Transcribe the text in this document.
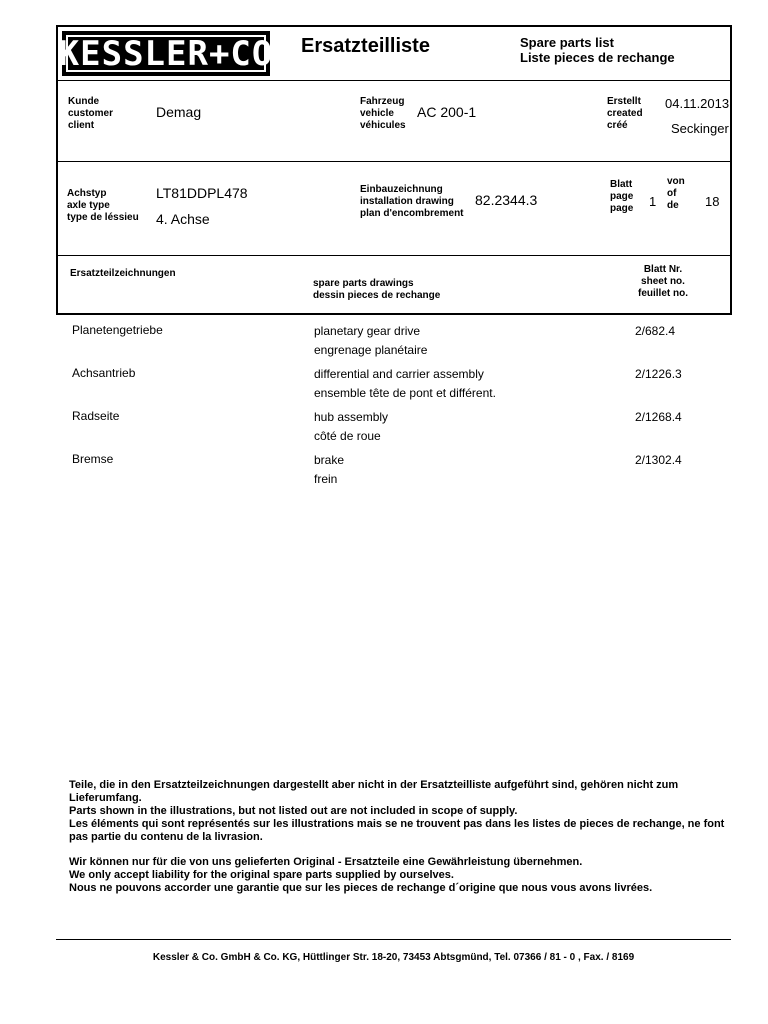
KESSLER+CO Ersatzteilliste	Spare parts list
Liste pieces de rechange
Kunde
customer
client
Demag
Fahrzeug
vehicle
véhicules
AC 200-1
Erstellt
created
créé
04.11.2013
Seckinger
Achstyp
axle type
type de léssieu
LT81DDPL478
4. Achse
Einbauzeichnung
installation drawing
plan d'encombrement
82.2344.3
Blatt
page
page 1
von
of
de	18
Ersatzteilzeichnungen
spare parts drawings
dessin pieces de rechange
Blatt Nr.
sheet no.
feuillet no.
Planetengetriebe	planetary gear drive
engrenage planétaire
2/682.4
Achsantrieb	differential and carrier assembly
ensemble tête de pont et différent.
2/1226.3
Radseite	hub assembly
côté de roue
2/1268.4
Bremse	brake
frein
2/1302.4
Teile, die in den Ersatzteilzeichnungen dargestellt aber nicht in der Ersatzteilliste aufgeführt sind, gehören nicht zum Lieferumfang.
Parts shown in the illustrations, but not listed out are not included in scope of supply.
Les éléments qui sont représentés sur les illustrations mais se ne trouvent pas dans les listes de pieces de rechange, ne font pas partie du contenu de la livrasion.
Wir können nur für die von uns gelieferten Original - Ersatzteile eine Gewährleistung übernehmen.
We only accept liability for the original spare parts supplied by ourselves.
Nous ne pouvons accorder une garantie que sur les pieces de rechange d´origine que nous vous avons livrées.
Kessler & Co. GmbH & Co. KG, Hüttlinger Str. 18-20, 73453 Abtsgmünd, Tel. 07366 / 81 - 0 , Fax. / 8169
